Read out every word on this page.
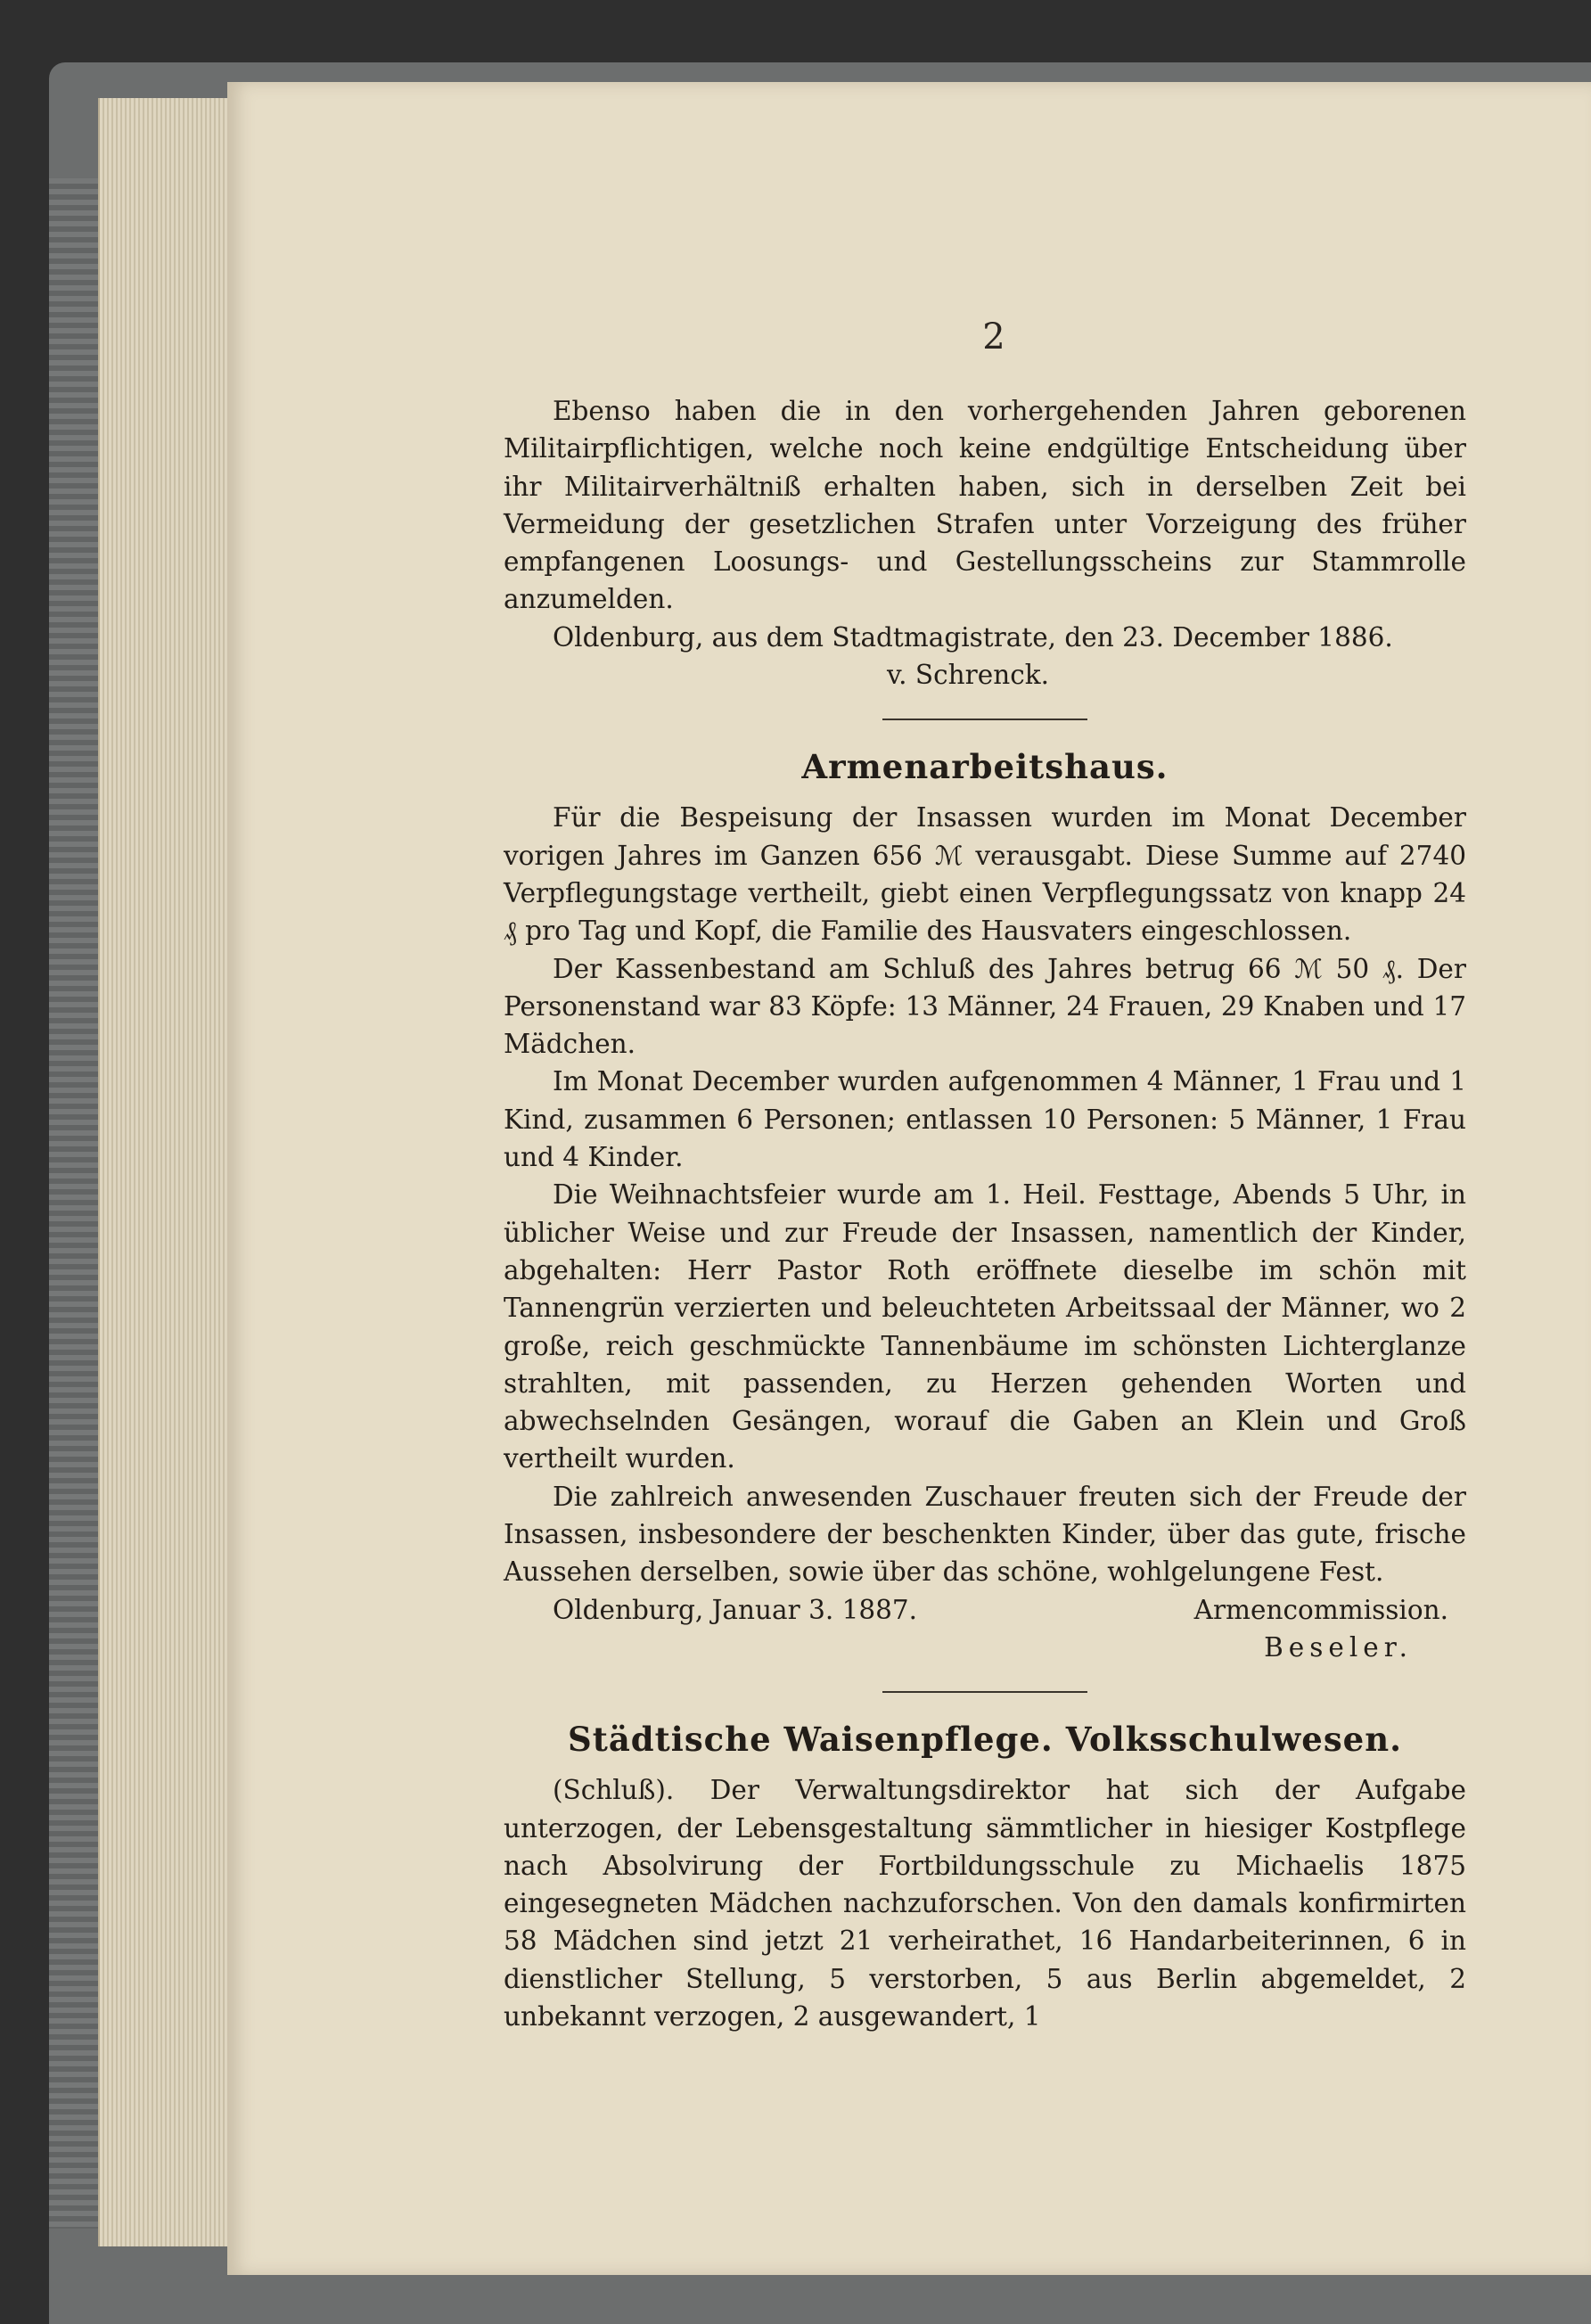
2

Ebenso haben die in den vorhergehenden Jahren geborenen Militairpflichtigen, welche noch keine endgültige Entscheidung über ihr Militairverhältniß erhalten haben, sich in derselben Zeit bei Vermeidung der gesetzlichen Strafen unter Vorzeigung des früher empfangenen Loosungs- und Gestellungsscheins zur Stammrolle anzumelden.

Oldenburg, aus dem Stadtmagistrate, den 23. December 1886.
v. Schrenck.
Armenarbeitshaus.

Für die Bespeisung der Insassen wurden im Monat December vorigen Jahres im Ganzen 656 ℳ verausgabt. Diese Summe auf 2740 Verpflegungstage vertheilt, giebt einen Verpflegungssatz von knapp 24 ₰ pro Tag und Kopf, die Familie des Hausvaters eingeschlossen.

Der Kassenbestand am Schluß des Jahres betrug 66 ℳ 50 ₰. Der Personenstand war 83 Köpfe: 13 Männer, 24 Frauen, 29 Knaben und 17 Mädchen.

Im Monat December wurden aufgenommen 4 Männer, 1 Frau und 1 Kind, zusammen 6 Personen; entlassen 10 Personen: 5 Männer, 1 Frau und 4 Kinder.

Die Weihnachtsfeier wurde am 1. Heil. Festtage, Abends 5 Uhr, in üblicher Weise und zur Freude der Insassen, namentlich der Kinder, abgehalten: Herr Pastor Roth eröffnete dieselbe im schön mit Tannengrün verzierten und beleuchteten Arbeitssaal der Männer, wo 2 große, reich geschmückte Tannenbäume im schönsten Lichterglanze strahlten, mit passenden, zu Herzen gehenden Worten und abwechselnden Gesängen, worauf die Gaben an Klein und Groß vertheilt wurden.

Die zahlreich anwesenden Zuschauer freuten sich der Freude der Insassen, insbesondere der beschenkten Kinder, über das gute, frische Aussehen derselben, sowie über das schöne, wohlgelungene Fest.

Oldenburg, Januar 3. 1887.	Armencommission.
Beseler.
Städtische Waisenpflege. Volksschulwesen.

(Schluß). Der Verwaltungsdirektor hat sich der Aufgabe unterzogen, der Lebensgestaltung sämmtlicher in hiesiger Kostpflege nach Absolvirung der Fortbildungsschule zu Michaelis 1875 eingesegneten Mädchen nachzuforschen. Von den damals konfirmirten 58 Mädchen sind jetzt 21 verheirathet, 16 Handarbeiterinnen, 6 in dienstlicher Stellung, 5 verstorben, 5 aus Berlin abgemeldet, 2 unbekannt verzogen, 2 ausgewandert, 1
